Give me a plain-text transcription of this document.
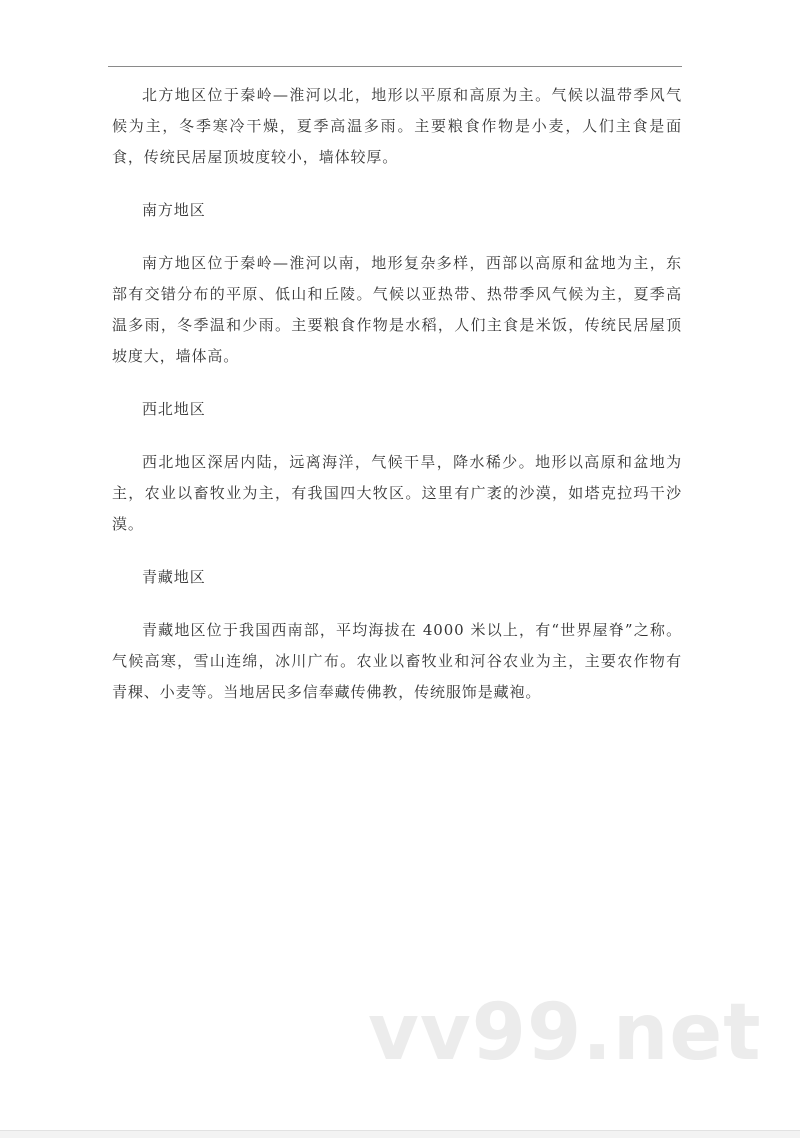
北方地区位于秦岭—淮河以北，地形以平原和高原为主。气候以温带季风气候为主，冬季寒冷干燥，夏季高温多雨。主要粮食作物是小麦，人们主食是面食，传统民居屋顶坡度较小，墙体较厚。

南方地区

南方地区位于秦岭—淮河以南，地形复杂多样，西部以高原和盆地为主，东部有交错分布的平原、低山和丘陵。气候以亚热带、热带季风气候为主，夏季高温多雨，冬季温和少雨。主要粮食作物是水稻，人们主食是米饭，传统民居屋顶坡度大，墙体高。

西北地区

西北地区深居内陆，远离海洋，气候干旱，降水稀少。地形以高原和盆地为主，农业以畜牧业为主，有我国四大牧区。这里有广袤的沙漠，如塔克拉玛干沙漠。

青藏地区

青藏地区位于我国西南部，平均海拔在 4000 米以上，有“世界屋脊”之称。气候高寒，雪山连绵，冰川广布。农业以畜牧业和河谷农业为主，主要农作物有青稞、小麦等。当地居民多信奉藏传佛教，传统服饰是藏袍。

vv99.net
